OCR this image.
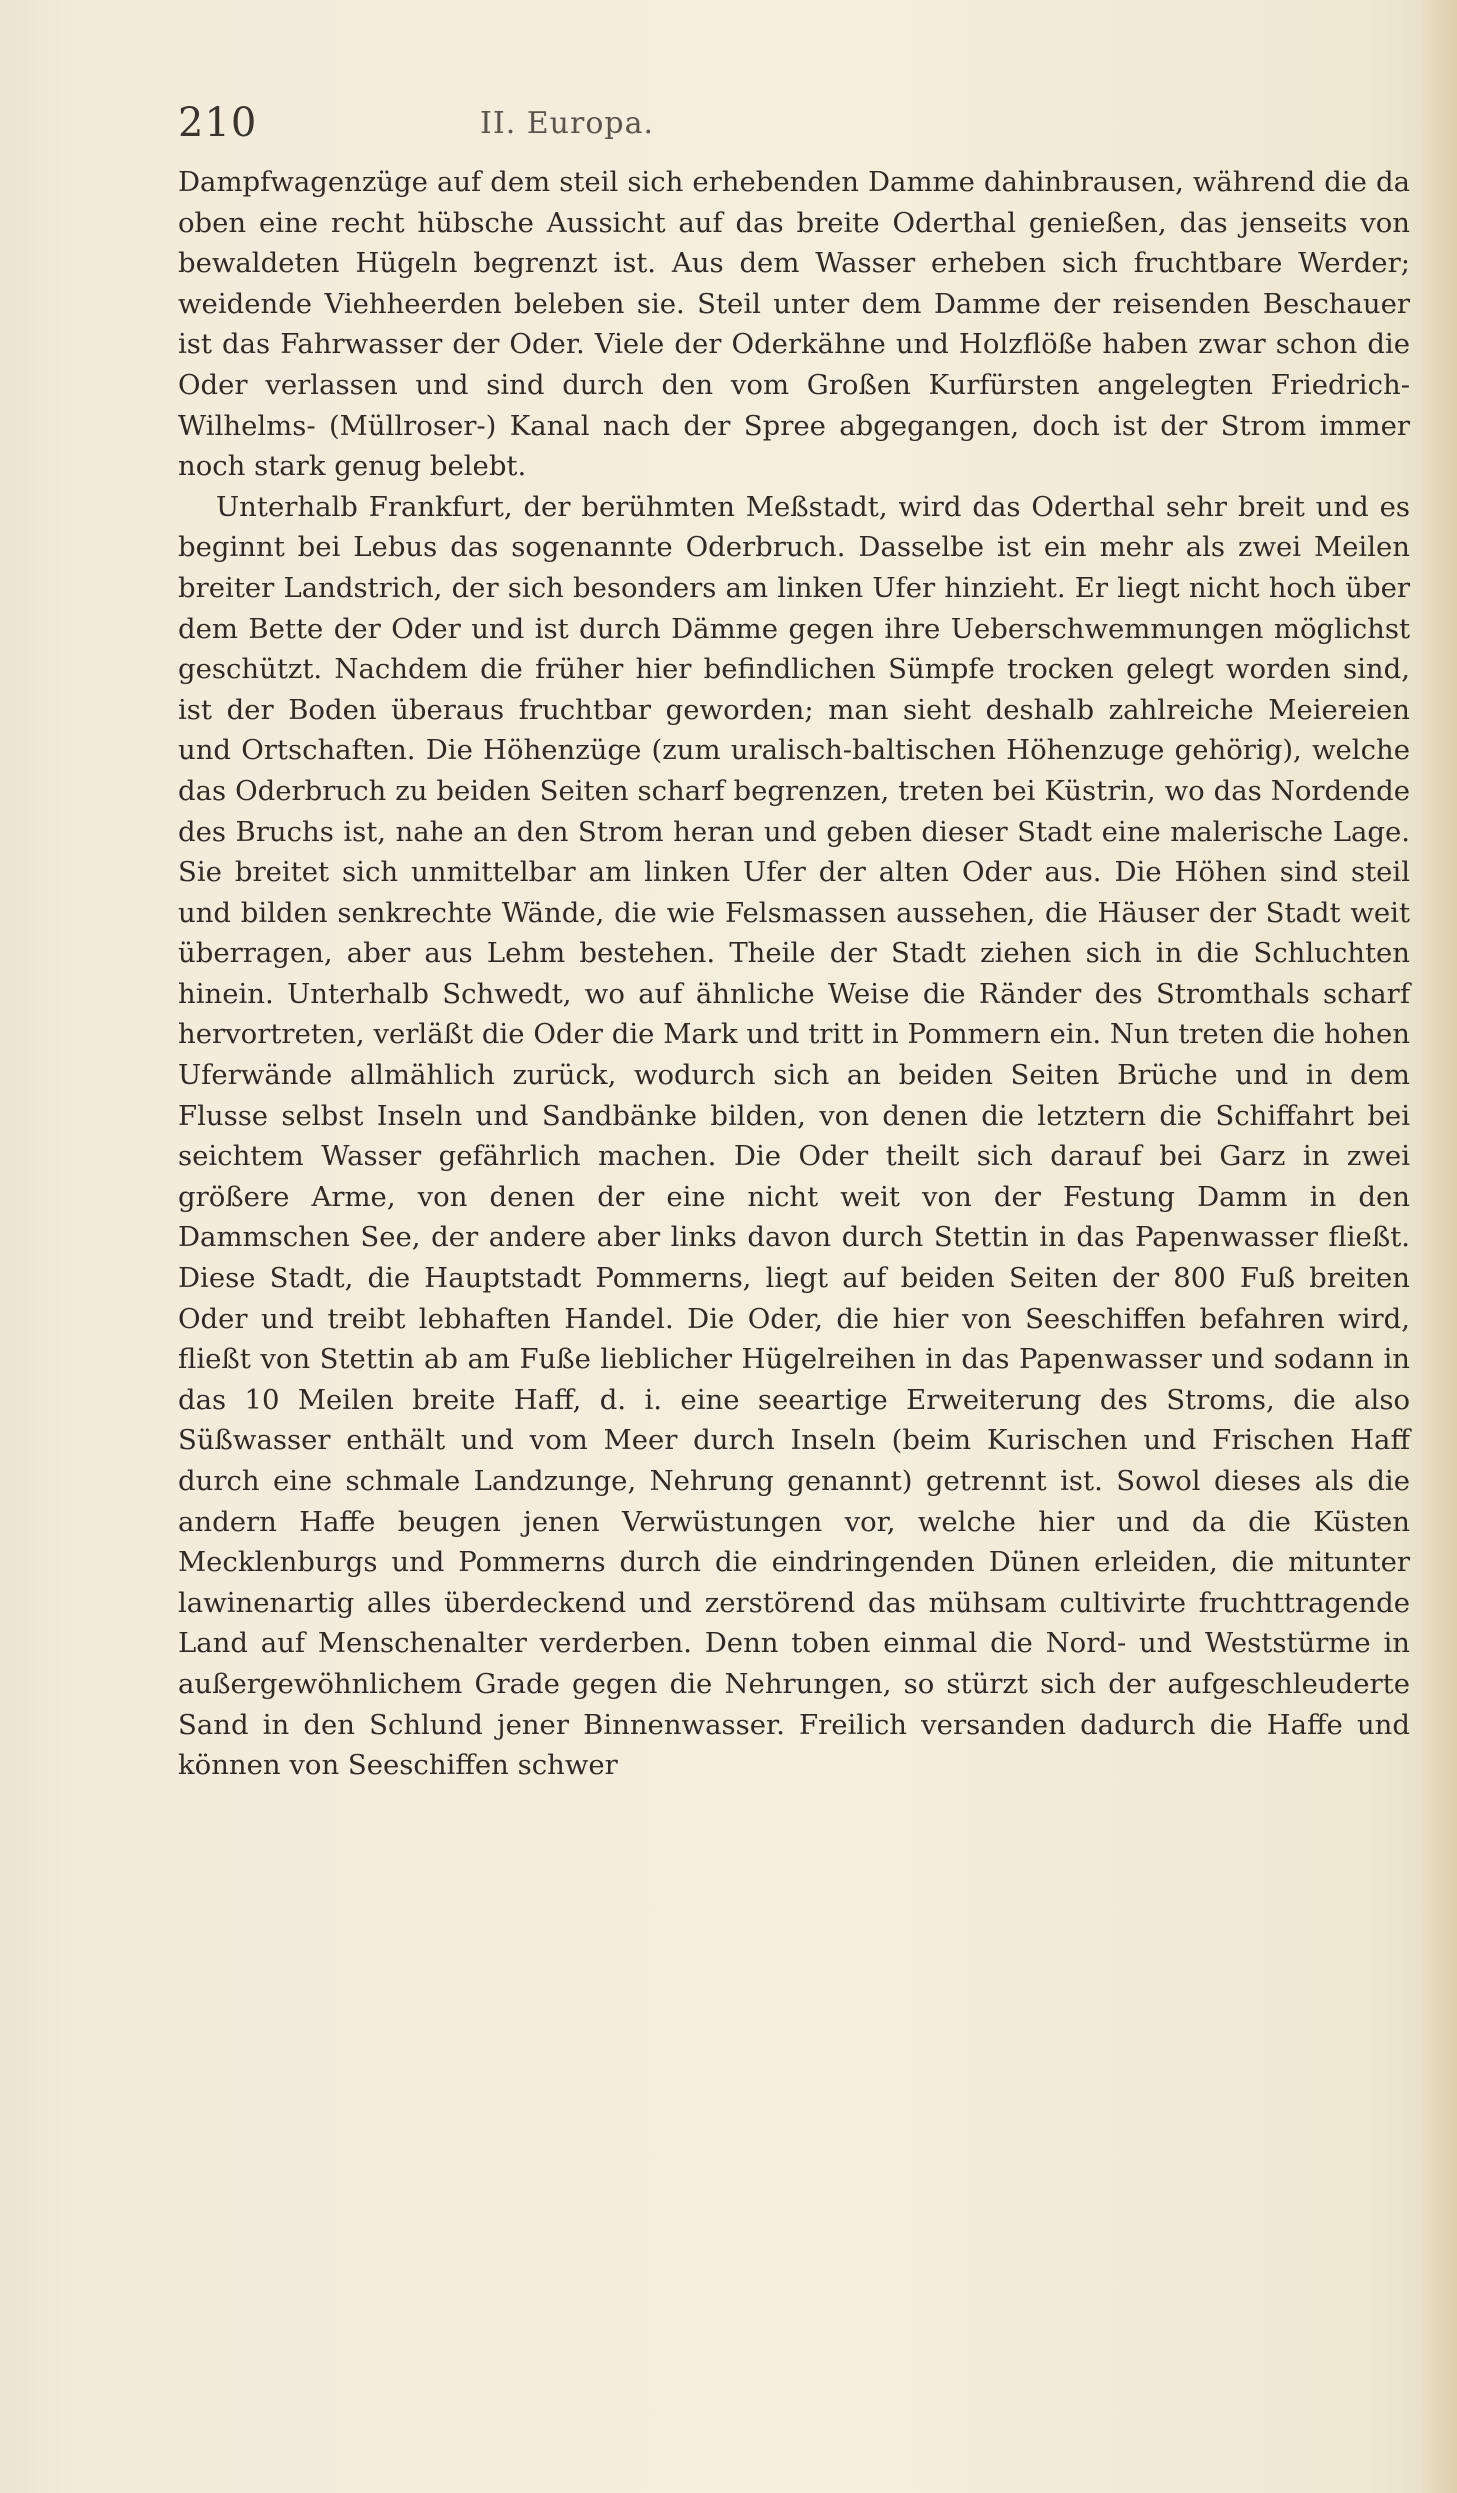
210	II. Europa.

Dampfwagenzüge auf dem steil sich erhebenden Damme dahinbrausen, während die da oben eine recht hübsche Aussicht auf das breite Oderthal genießen, das jenseits von bewaldeten Hügeln begrenzt ist. Aus dem Wasser erheben sich fruchtbare Werder; weidende Viehheerden beleben sie. Steil unter dem Damme der reisenden Beschauer ist das Fahrwasser der Oder. Viele der Oderkähne und Holzflöße haben zwar schon die Oder verlassen und sind durch den vom Großen Kurfürsten angelegten Friedrich-Wilhelms- (Müllroser-) Kanal nach der Spree abgegangen, doch ist der Strom immer noch stark genug belebt.

Unterhalb Frankfurt, der berühmten Meßstadt, wird das Oderthal sehr breit und es beginnt bei Lebus das sogenannte Oderbruch. Dasselbe ist ein mehr als zwei Meilen breiter Landstrich, der sich besonders am linken Ufer hinzieht. Er liegt nicht hoch über dem Bette der Oder und ist durch Dämme gegen ihre Ueberschwemmungen möglichst geschützt. Nachdem die früher hier befindlichen Sümpfe trocken gelegt worden sind, ist der Boden überaus fruchtbar geworden; man sieht deshalb zahlreiche Meiereien und Ortschaften. Die Höhenzüge (zum uralisch-baltischen Höhenzuge gehörig), welche das Oderbruch zu beiden Seiten scharf begrenzen, treten bei Küstrin, wo das Nordende des Bruchs ist, nahe an den Strom heran und geben dieser Stadt eine malerische Lage. Sie breitet sich unmittelbar am linken Ufer der alten Oder aus. Die Höhen sind steil und bilden senkrechte Wände, die wie Felsmassen aussehen, die Häuser der Stadt weit überragen, aber aus Lehm bestehen. Theile der Stadt ziehen sich in die Schluchten hinein. Unterhalb Schwedt, wo auf ähnliche Weise die Ränder des Stromthals scharf hervortreten, verläßt die Oder die Mark und tritt in Pommern ein. Nun treten die hohen Uferwände allmählich zurück, wodurch sich an beiden Seiten Brüche und in dem Flusse selbst Inseln und Sandbänke bilden, von denen die letztern die Schiffahrt bei seichtem Wasser gefährlich machen. Die Oder theilt sich darauf bei Garz in zwei größere Arme, von denen der eine nicht weit von der Festung Damm in den Dammschen See, der andere aber links davon durch Stettin in das Papenwasser fließt. Diese Stadt, die Hauptstadt Pommerns, liegt auf beiden Seiten der 800 Fuß breiten Oder und treibt lebhaften Handel. Die Oder, die hier von Seeschiffen befahren wird, fließt von Stettin ab am Fuße lieblicher Hügelreihen in das Papenwasser und sodann in das 10 Meilen breite Haff, d. i. eine seeartige Erweiterung des Stroms, die also Süßwasser enthält und vom Meer durch Inseln (beim Kurischen und Frischen Haff durch eine schmale Landzunge, Nehrung genannt) getrennt ist. Sowol dieses als die andern Haffe beugen jenen Verwüstungen vor, welche hier und da die Küsten Mecklenburgs und Pommerns durch die eindringenden Dünen erleiden, die mitunter lawinenartig alles überdeckend und zerstörend das mühsam cultivirte fruchttragende Land auf Menschenalter verderben. Denn toben einmal die Nord- und Weststürme in außergewöhnlichem Grade gegen die Nehrungen, so stürzt sich der aufgeschleuderte Sand in den Schlund jener Binnenwasser. Freilich versanden dadurch die Haffe und können von Seeschiffen schwer
